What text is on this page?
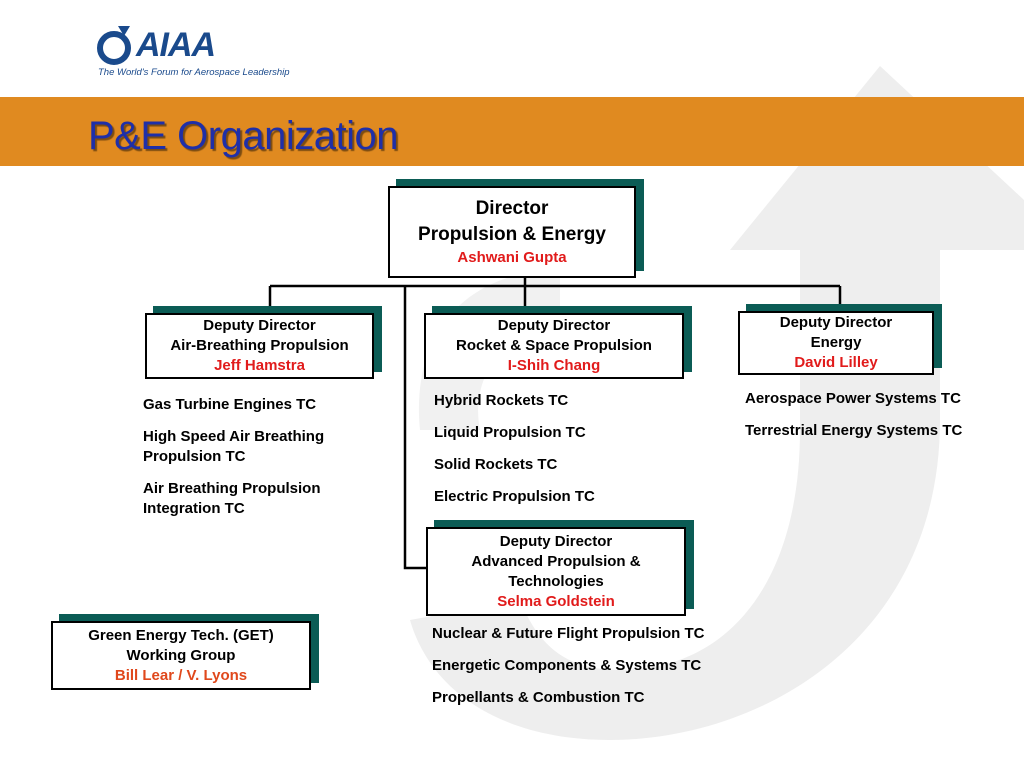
AIAA
The World's Forum for Aerospace Leadership
P&E Organization
Director
Propulsion & Energy
Ashwani Gupta
Deputy Director
Air-Breathing Propulsion
Jeff Hamstra
Deputy Director
Rocket & Space Propulsion
I-Shih Chang
Deputy Director
Energy
David Lilley
Deputy Director
Advanced Propulsion & Technologies
Selma Goldstein
Green Energy Tech. (GET)
Working Group
Bill Lear / V. Lyons
Gas Turbine Engines TC
High Speed Air Breathing Propulsion TC
Air Breathing Propulsion Integration TC
Hybrid Rockets TC
Liquid Propulsion TC
Solid Rockets TC
Electric Propulsion TC
Aerospace Power Systems TC
Terrestrial Energy Systems TC
Nuclear & Future Flight Propulsion TC
Energetic Components & Systems TC
Propellants & Combustion TC
